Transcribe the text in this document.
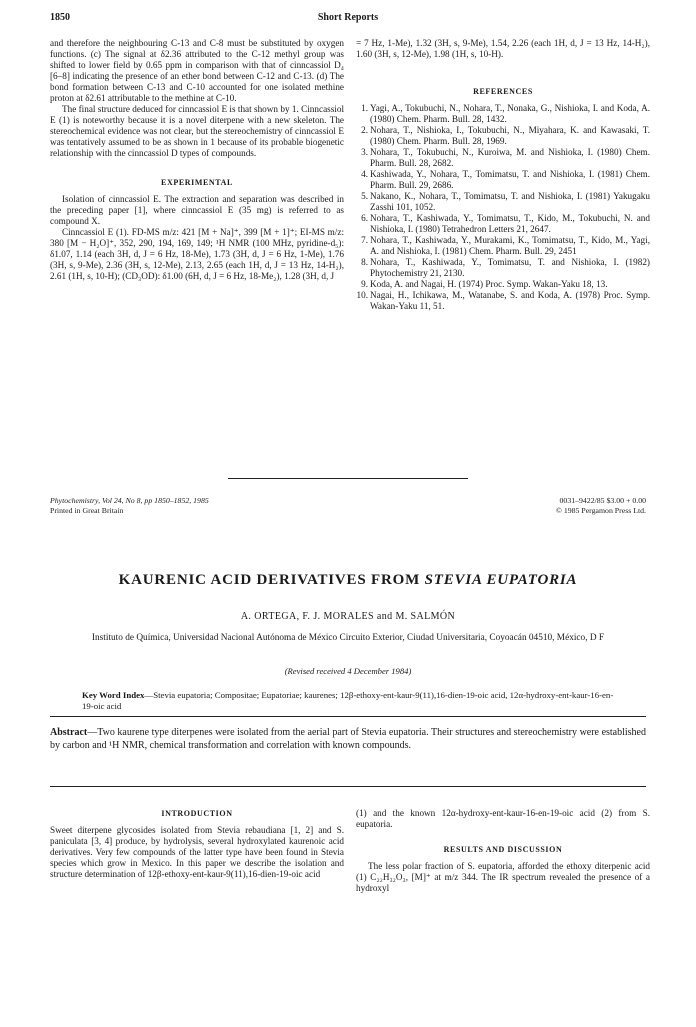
1850	Short Reports

and therefore the neighbouring C-13 and C-8 must be substituted by oxygen functions. (c) The signal at δ2.36 attributed to the C-12 methyl group was shifted to lower field by 0.65 ppm in comparison with that of cinncassiol D₄ [6–8] indicating the presence of an ether bond between C-12 and C-13. (d) The bond formation between C-13 and C-10 accounted for one isolated methine proton at δ2.61 attributable to the methine at C-10.

The final structure deduced for cinncassiol E is that shown by 1. Cinncassiol E (1) is noteworthy because it is a novel diterpene with a new skeleton. The stereochemical evidence was not clear, but the stereochemistry of cinncassiol E was tentatively assumed to be as shown in 1 because of its probable biogenetic relationship with the cinncassiol D types of compounds.

EXPERIMENTAL

Isolation of cinncassiol E. The extraction and separation was described in the preceding paper [1], where cinncassiol E (35 mg) is referred to as compound X.

Cinncassiol E (1). FD-MS m/z: 421 [M + Na]⁺, 399 [M + 1]⁺; EI-MS m/z: 380 [M − H₂O]⁺, 352, 290, 194, 169, 149; ¹H NMR (100 MHz, pyridine-d₅): δ1.07, 1.14 (each 3H, d, J = 6 Hz, 18-Me), 1.73 (3H, d, J = 6 Hz, 1-Me), 1.76 (3H, s, 9-Me), 2.36 (3H, s, 12-Me), 2.13, 2.65 (each 1H, d, J = 13 Hz, 14-H₂), 2.61 (1H, s, 10-H); (CD₃OD): δ1.00 (6H, d, J = 6 Hz, 18-Me₂), 1.28 (3H, d, J

= 7 Hz, 1-Me), 1.32 (3H, s, 9-Me), 1.54, 2.26 (each 1H, d, J = 13 Hz, 14-H₂), 1.60 (3H, s, 12-Me), 1.98 (1H, s, 10-H).

REFERENCES

1. Yagi, A., Tokubuchi, N., Nohara, T., Nonaka, G., Nishioka, I. and Koda, A. (1980) Chem. Pharm. Bull. 28, 1432.
2. Nohara, T., Nishioka, I., Tokubuchi, N., Miyahara, K. and Kawasaki, T. (1980) Chem. Pharm. Bull. 28, 1969.
3. Nohara, T., Tokubuchi, N., Kuroiwa, M. and Nishioka, I. (1980) Chem. Pharm. Bull. 28, 2682.
4. Kashiwada, Y., Nohara, T., Tomimatsu, T. and Nishioka, I. (1981) Chem. Pharm. Bull. 29, 2686.
5. Nakano, K., Nohara, T., Tomimatsu, T. and Nishioka, I. (1981) Yakugaku Zasshi 101, 1052.
6. Nohara, T., Kashiwada, Y., Tomimatsu, T., Kido, M., Tokubuchi, N. and Nishioka, I. (1980) Tetrahedron Letters 21, 2647.
7. Nohara, T., Kashiwada, Y., Murakami, K., Tomimatsu, T., Kido, M., Yagi, A. and Nishioka, I. (1981) Chem. Pharm. Bull. 29, 2451
8. Nohara, T., Kashiwada, Y., Tomimatsu, T. and Nishioka, I. (1982) Phytochemistry 21, 2130.
9. Koda, A. and Nagai, H. (1974) Proc. Symp. Wakan-Yaku 18, 13.
10. Nagai, H., Ichikawa, M., Watanabe, S. and Koda, A. (1978) Proc. Symp. Wakan-Yaku 11, 51.
Phytochemistry, Vol 24, No 8, pp 1850–1852, 1985
Printed in Great Britain
0031–9422/85 $3.00 + 0.00
© 1985 Pergamon Press Ltd.
KAURENIC ACID DERIVATIVES FROM STEVIA EUPATORIA
A. ORTEGA, F. J. MORALES and M. SALMÓN
Instituto de Química, Universidad Nacional Autónoma de México Circuito Exterior, Ciudad Universitaria, Coyoacán 04510, México, D F
(Revised received 4 December 1984)
Key Word Index—Stevia eupatoria; Compositae; Eupatoriae; kaurenes; 12β-ethoxy-ent-kaur-9(11),16-dien-19-oic acid, 12α-hydroxy-ent-kaur-16-en-19-oic acid
Abstract—Two kaurene type diterpenes were isolated from the aerial part of Stevia eupatoria. Their structures and stereochemistry were established by carbon and ¹H NMR, chemical transformation and correlation with known compounds.

INTRODUCTION

Sweet diterpene glycosides isolated from Stevia rebaudiana [1, 2] and S. paniculata [3, 4] produce, by hydrolysis, several hydroxylated kaurenoic acid derivatives. Very few compounds of the latter type have been found in Stevia species which grow in Mexico. In this paper we describe the isolation and structure determination of 12β-ethoxy-ent-kaur-9(11),16-dien-19-oic acid

(1) and the known 12α-hydroxy-ent-kaur-16-en-19-oic acid (2) from S. eupatoria.

RESULTS AND DISCUSSION

The less polar fraction of S. eupatoria, afforded the ethoxy diterpenic acid (1) C₂₂H₃₂O₃, [M]⁺ at m/z 344. The IR spectrum revealed the presence of a hydroxyl
